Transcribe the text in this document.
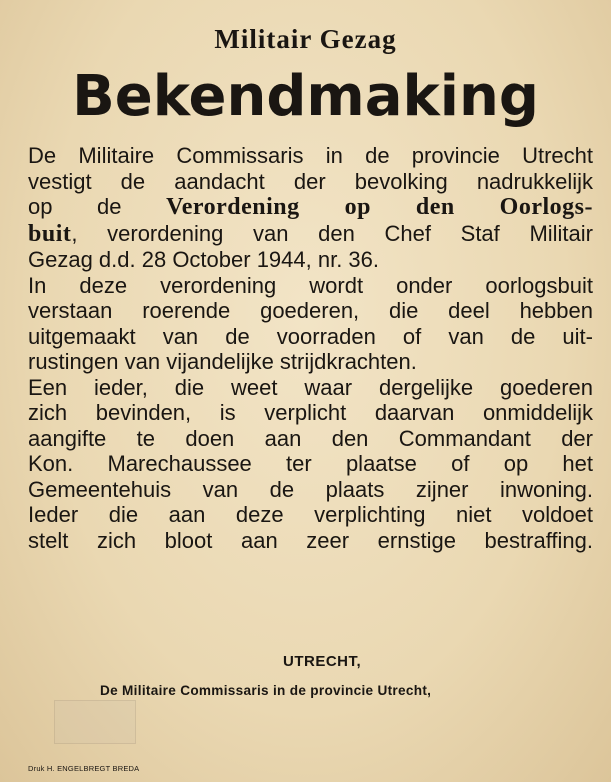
Militair Gezag
Bekendmaking
De Militaire Commissaris in de provincie Utrecht
vestigt de aandacht der bevolking nadrukkelijk
op de Verordening op den Oorlogs-
buit, verordening van den Chef Staf Militair
Gezag d.d. 28 October 1944, nr. 36.
In deze verordening wordt onder oorlogsbuit
verstaan roerende goederen, die deel hebben
uitgemaakt van de voorraden of van de uit-
rustingen van vijandelijke strijdkrachten.
Een ieder, die weet waar dergelijke goederen
zich bevinden, is verplicht daarvan onmiddelijk
aangifte te doen aan den Commandant der
Kon. Marechaussee ter plaatse of op het
Gemeentehuis van de plaats zijner inwoning.
Ieder die aan deze verplichting niet voldoet
stelt zich bloot aan zeer ernstige bestraffing.
UTRECHT,
De Militaire Commissaris in de provincie Utrecht,
Druk H. ENGELBREGT BREDA
